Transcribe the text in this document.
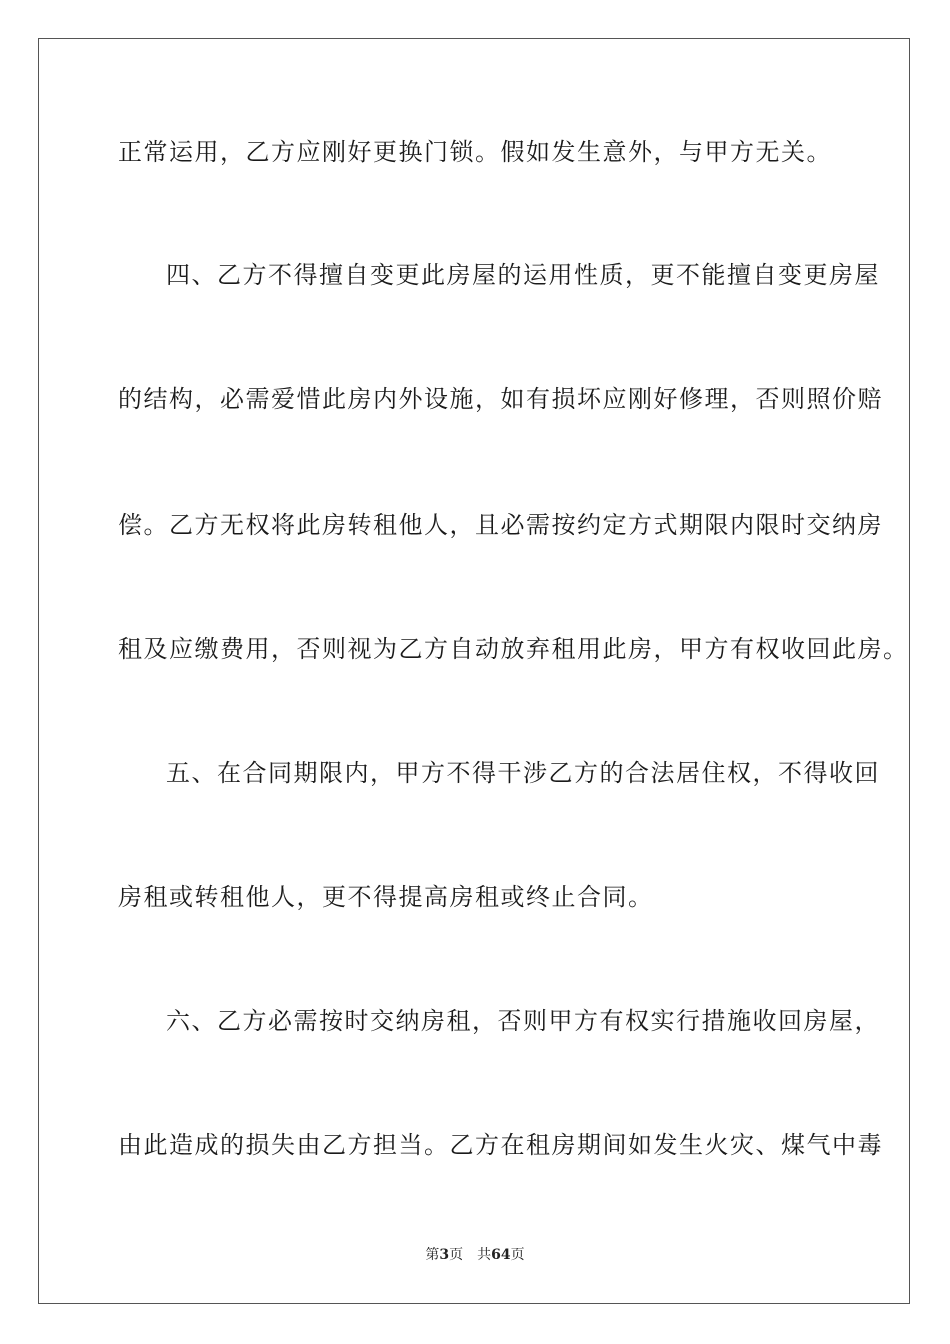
正常运用，乙方应刚好更换门锁。假如发生意外，与甲方无关。
四、乙方不得擅自变更此房屋的运用性质，更不能擅自变更房屋
的结构，必需爱惜此房内外设施，如有损坏应刚好修理，否则照价赔
偿。乙方无权将此房转租他人，且必需按约定方式期限内限时交纳房
租及应缴费用，否则视为乙方自动放弃租用此房，甲方有权收回此房。
五、在合同期限内，甲方不得干涉乙方的合法居住权，不得收回
房租或转租他人，更不得提高房租或终止合同。
六、乙方必需按时交纳房租，否则甲方有权实行措施收回房屋，
由此造成的损失由乙方担当。乙方在租房期间如发生火灾、煤气中毒
第3页 共64页
